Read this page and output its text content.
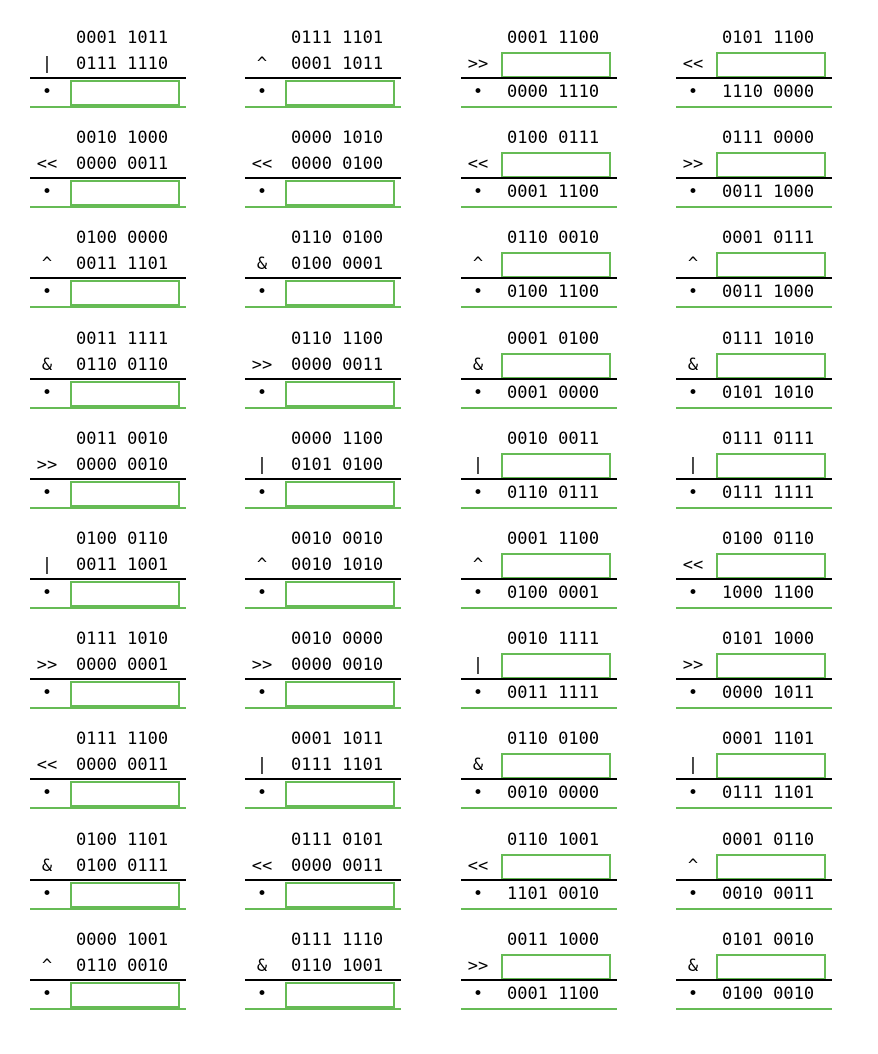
0001 1011
|	0111 1110
•
0111 1101
^	0001 1011
•
0001 1100
>>
•	0000 1110
0101 1100
<<
•	1110 0000
0010 1000
<<	0000 0011
•
0000 1010
<<	0000 0100
•
0100 0111
<<
•	0001 1100
0111 0000
>>
•	0011 1000
0100 0000
^	0011 1101
•
0110 0100
&	0100 0001
•
0110 0010
^
•	0100 1100
0001 0111
^
•	0011 1000
0011 1111
&	0110 0110
•
0110 1100
>>	0000 0011
•
0001 0100
&
•	0001 0000
0111 1010
&
•	0101 1010
0011 0010
>>	0000 0010
•
0000 1100
|	0101 0100
•
0010 0011
|
•	0110 0111
0111 0111
|
•	0111 1111
0100 0110
|	0011 1001
•
0010 0010
^	0010 1010
•
0001 1100
^
•	0100 0001
0100 0110
<<
•	1000 1100
0111 1010
>>	0000 0001
•
0010 0000
>>	0000 0010
•
0010 1111
|
•	0011 1111
0101 1000
>>
•	0000 1011
0111 1100
<<	0000 0011
•
0001 1011
|	0111 1101
•
0110 0100
&
•	0010 0000
0001 1101
|
•	0111 1101
0100 1101
&	0100 0111
•
0111 0101
<<	0000 0011
•
0110 1001
<<
•	1101 0010
0001 0110
^
•	0010 0011
0000 1001
^	0110 0010
•
0111 1110
&	0110 1001
•
0011 1000
>>
•	0001 1100
0101 0010
&
•	0100 0010
